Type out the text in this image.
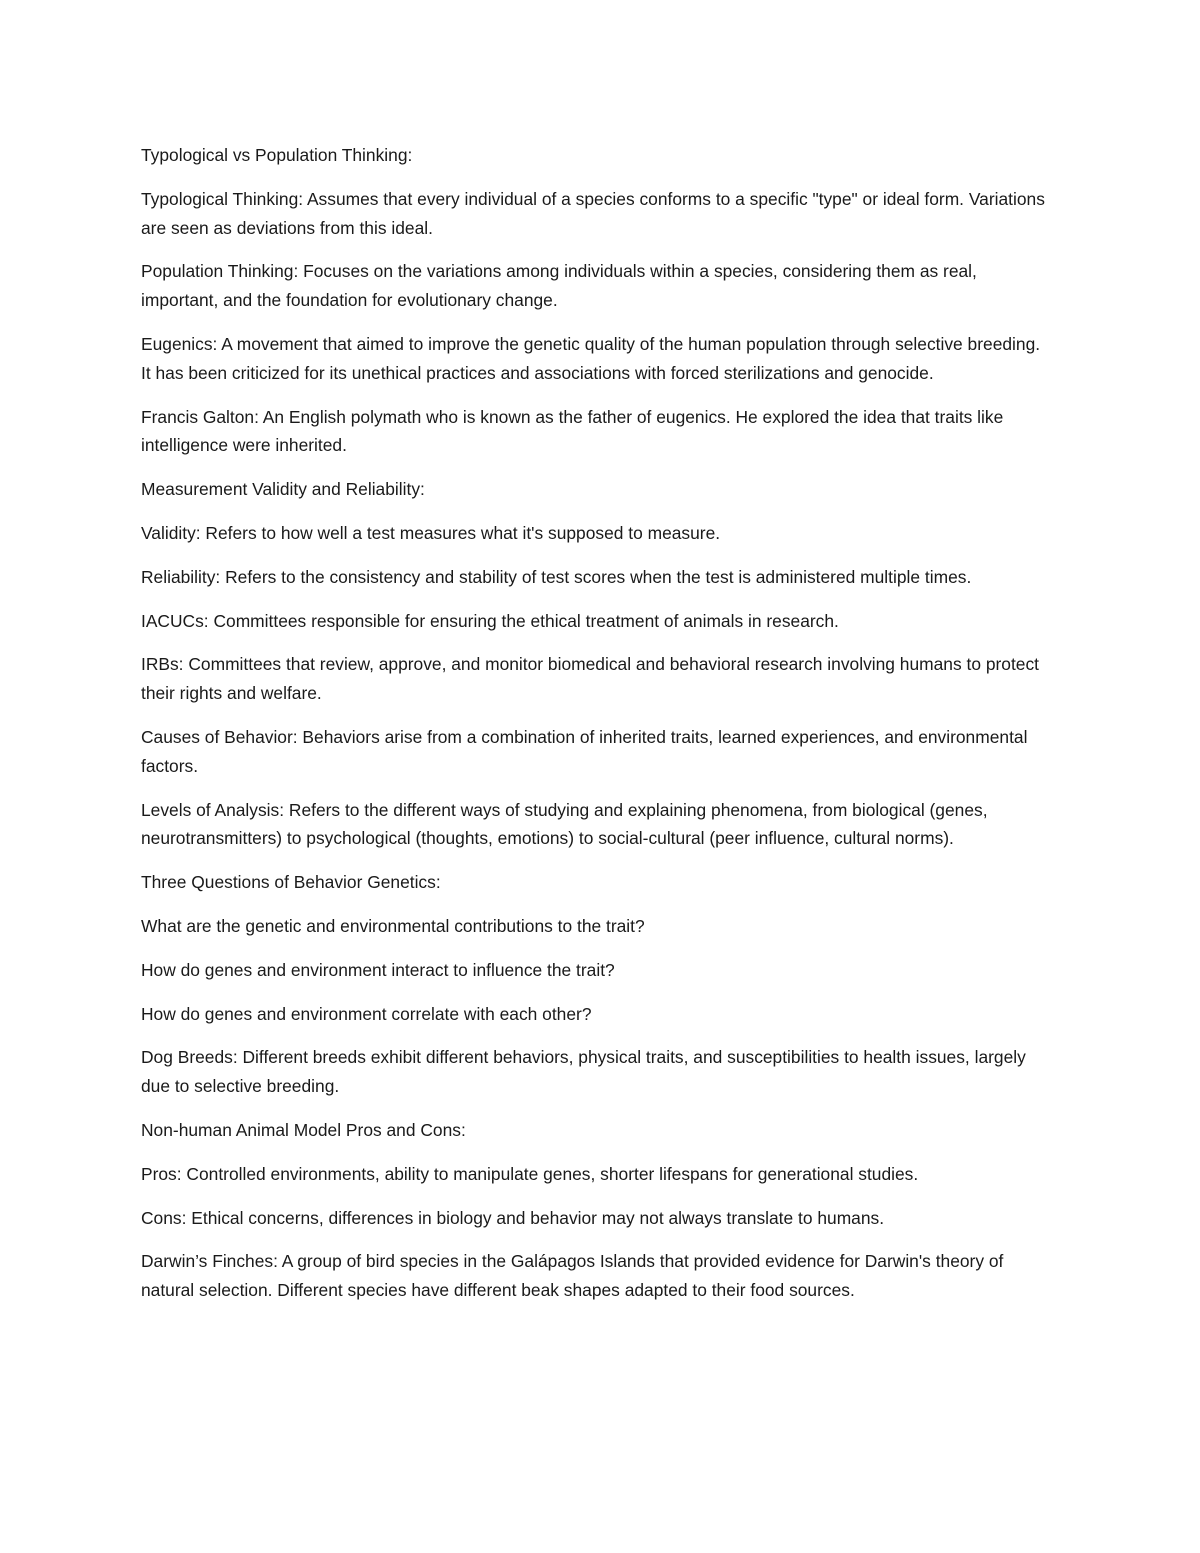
Typological vs Population Thinking:

Typological Thinking: Assumes that every individual of a species conforms to a specific "type" or ideal form. Variations are seen as deviations from this ideal.

Population Thinking: Focuses on the variations among individuals within a species, considering them as real, important, and the foundation for evolutionary change.

Eugenics: A movement that aimed to improve the genetic quality of the human population through selective breeding. It has been criticized for its unethical practices and associations with forced sterilizations and genocide.

Francis Galton: An English polymath who is known as the father of eugenics. He explored the idea that traits like intelligence were inherited.

Measurement Validity and Reliability:

Validity: Refers to how well a test measures what it's supposed to measure.

Reliability: Refers to the consistency and stability of test scores when the test is administered multiple times.

IACUCs: Committees responsible for ensuring the ethical treatment of animals in research.

IRBs: Committees that review, approve, and monitor biomedical and behavioral research involving humans to protect their rights and welfare.

Causes of Behavior: Behaviors arise from a combination of inherited traits, learned experiences, and environmental factors.

Levels of Analysis: Refers to the different ways of studying and explaining phenomena, from biological (genes, neurotransmitters) to psychological (thoughts, emotions) to social-cultural (peer influence, cultural norms).

Three Questions of Behavior Genetics:

What are the genetic and environmental contributions to the trait?

How do genes and environment interact to influence the trait?

How do genes and environment correlate with each other?

Dog Breeds: Different breeds exhibit different behaviors, physical traits, and susceptibilities to health issues, largely due to selective breeding.

Non-human Animal Model Pros and Cons:

Pros: Controlled environments, ability to manipulate genes, shorter lifespans for generational studies.

Cons: Ethical concerns, differences in biology and behavior may not always translate to humans.

Darwin’s Finches: A group of bird species in the Galápagos Islands that provided evidence for Darwin's theory of natural selection. Different species have different beak shapes adapted to their food sources.
